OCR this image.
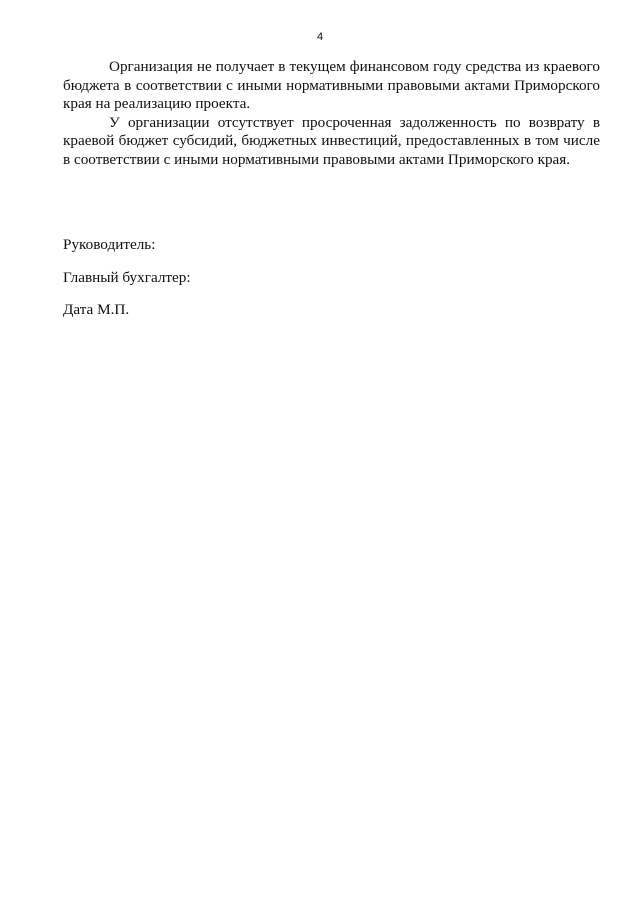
4

Организация не получает в текущем финансовом году средства из краевого бюджета в соответствии с иными нормативными правовыми актами Приморского края на реализацию проекта.

У организации отсутствует просроченная задолженность по возврату в краевой бюджет субсидий, бюджетных инвестиций, предоставленных в том числе в соответствии с иными нормативными правовыми актами Приморского края.

Руководитель:

Главный бухгалтер:

Дата М.П.
